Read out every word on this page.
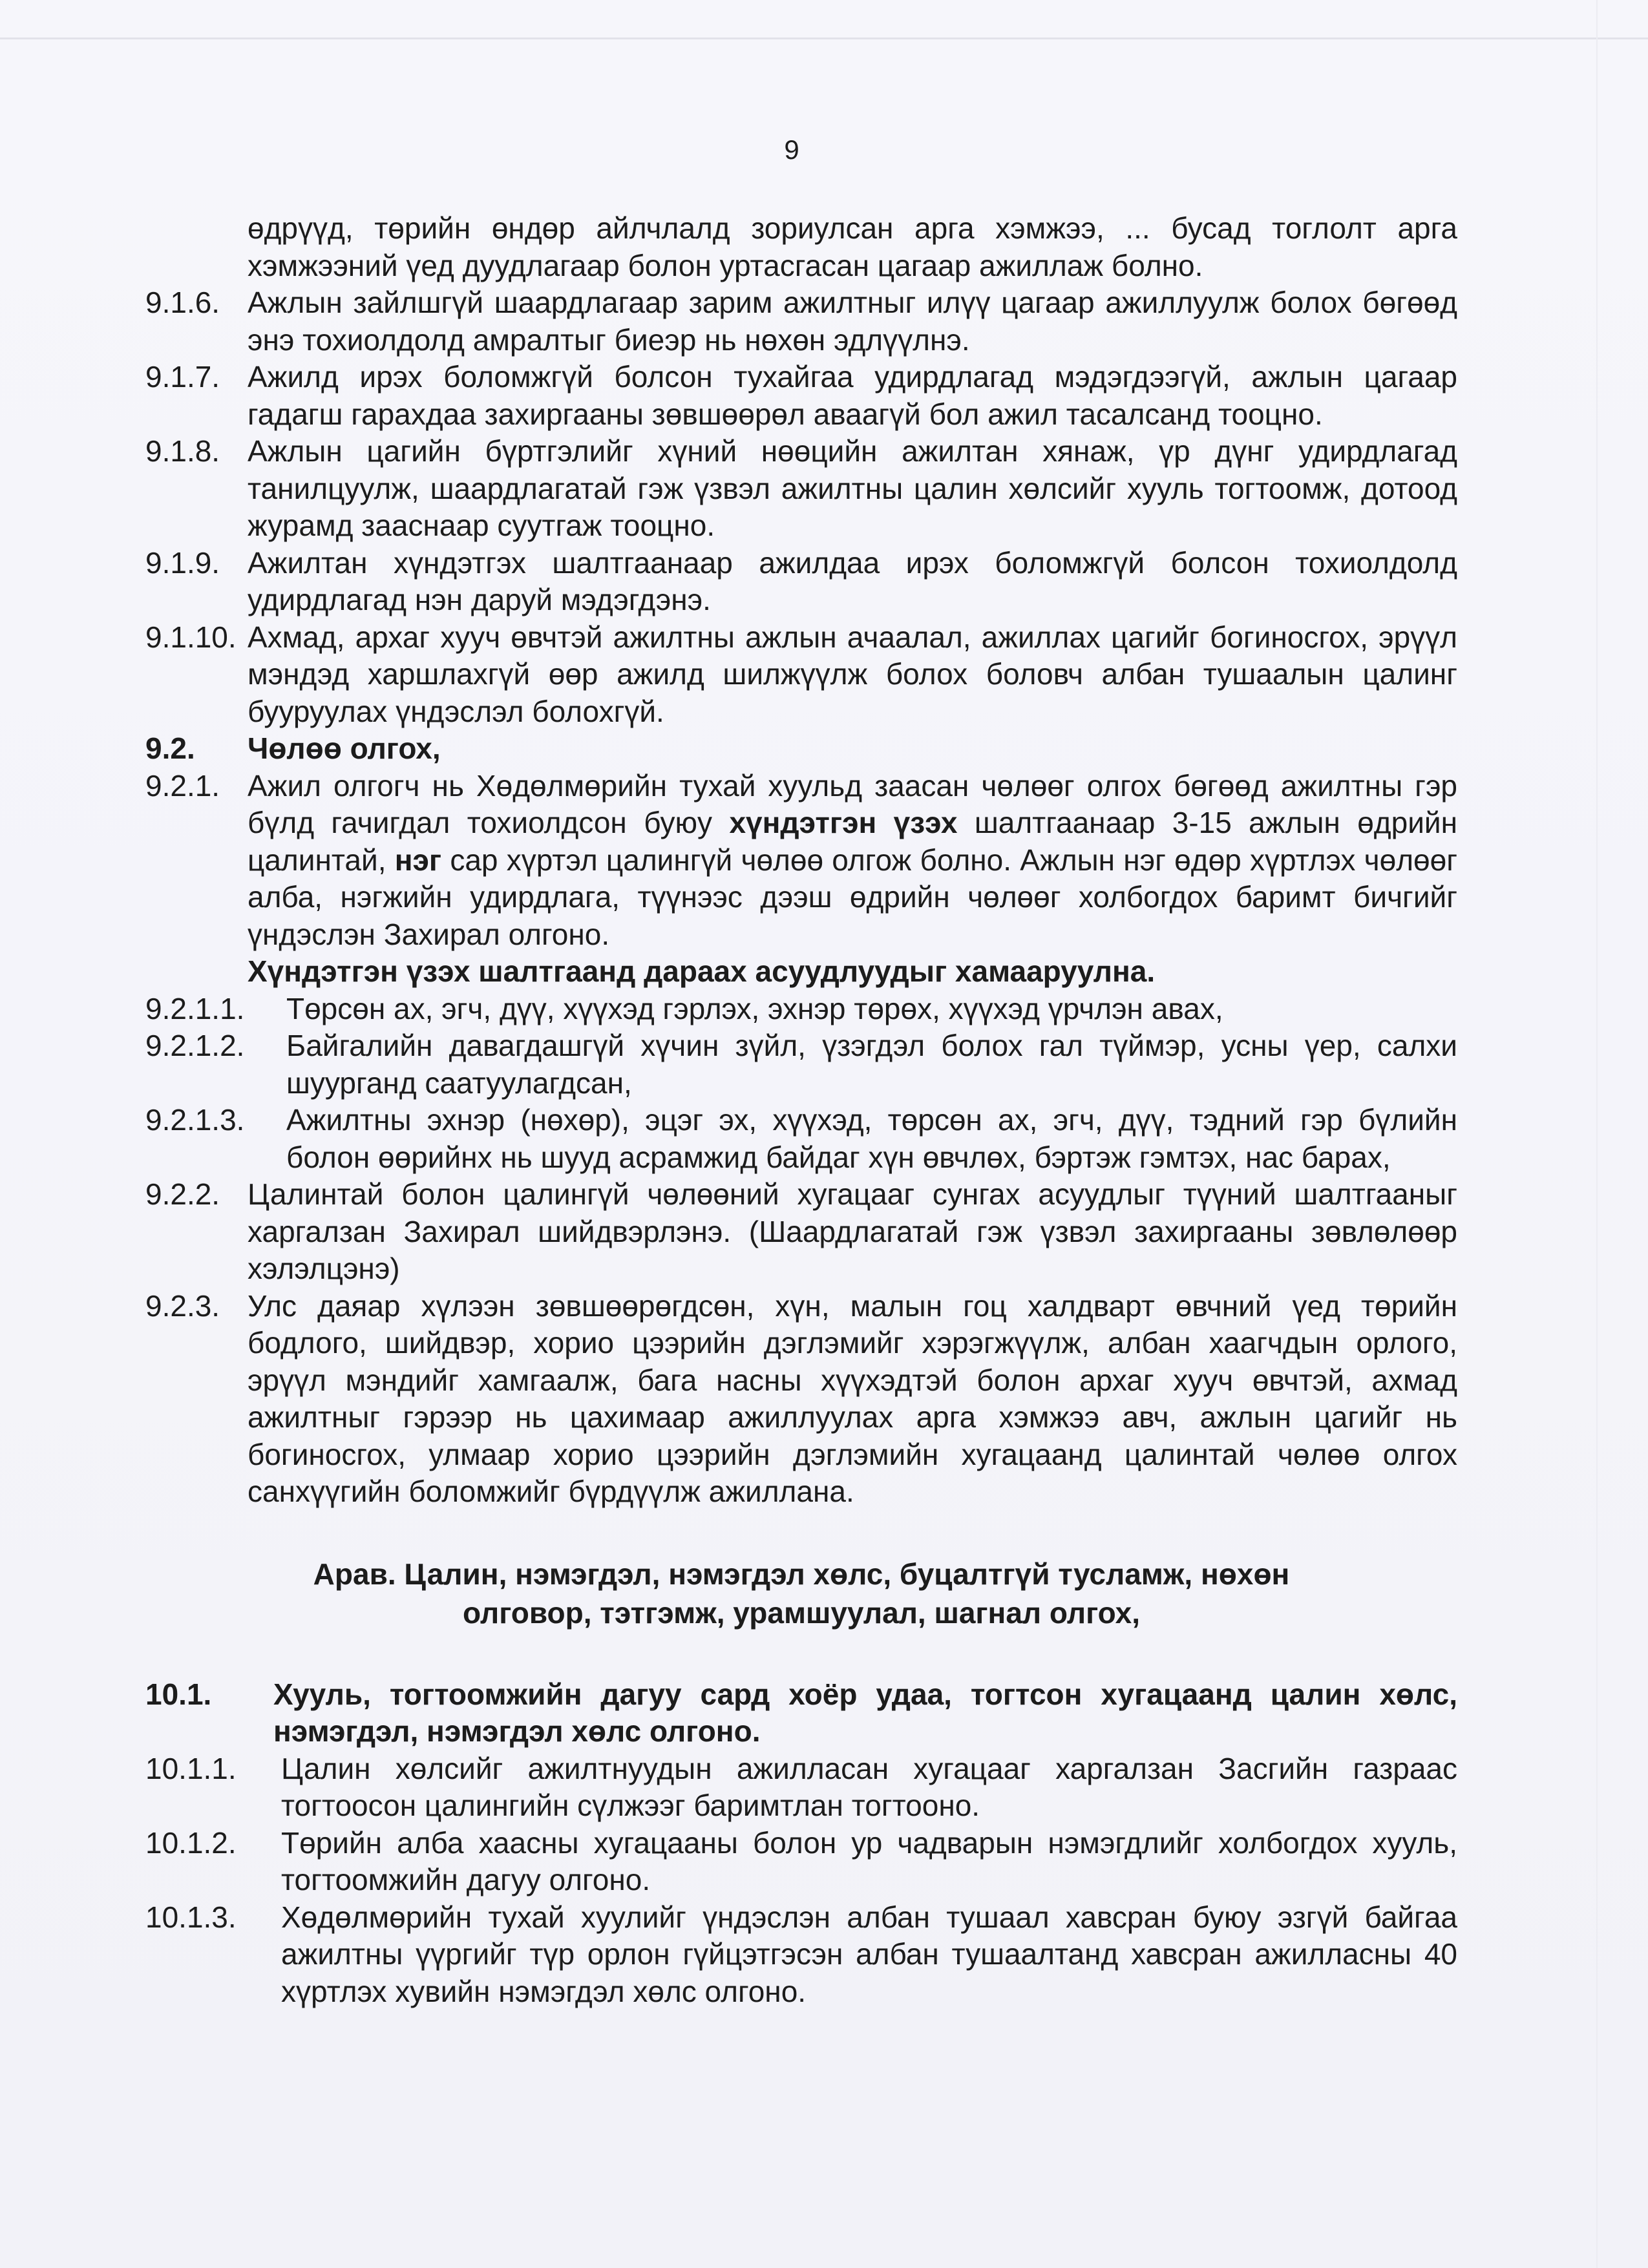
9
өдрүүд, төрийн өндөр айлчлалд зориулсан арга хэмжээ, ... бусад тоглолт арга хэмжээний үед дуудлагаар болон уртасгасан цагаар ажиллаж болно.
9.1.6. Ажлын зайлшгүй шаардлагаар зарим ажилтныг илүү цагаар ажиллуулж болох бөгөөд энэ тохиолдолд амралтыг биеэр нь нөхөн эдлүүлнэ.
9.1.7. Ажилд ирэх боломжгүй болсон тухайгаа удирдлагад мэдэгдээгүй, ажлын цагаар гадагш гарахдаа захиргааны зөвшөөрөл аваагүй бол ажил тасалсанд тооцно.
9.1.8. Ажлын цагийн бүртгэлийг хүний нөөцийн ажилтан хянаж, үр дүнг удирдлагад танилцуулж, шаардлагатай гэж үзвэл ажилтны цалин хөлсийг хууль тогтоомж, дотоод журамд зааснаар суутгаж тооцно.
9.1.9. Ажилтан хүндэтгэх шалтгаанаар ажилдаа ирэх боломжгүй болсон тохиолдолд удирдлагад нэн даруй мэдэгдэнэ.
9.1.10. Ахмад, архаг хууч өвчтэй ажилтны ажлын ачаалал, ажиллах цагийг богиносгох, эрүүл мэндэд харшлахгүй өөр ажилд шилжүүлж болох боловч албан тушаалын цалинг бууруулах үндэслэл болохгүй.
9.2.	Чөлөө олгох,
9.2.1. Ажил олгогч нь Хөдөлмөрийн тухай хуульд заасан чөлөөг олгох бөгөөд ажилтны гэр бүлд гачигдал тохиолдсон буюу хүндэтгэн үзэх шалтгаанаар 3-15 ажлын өдрийн цалинтай, нэг сар хүртэл цалингүй чөлөө олгож болно. Ажлын нэг өдөр хүртлэх чөлөөг алба, нэгжийн удирдлага, түүнээс дээш өдрийн чөлөөг холбогдох баримт бичгийг үндэслэн Захирал олгоно.
Хүндэтгэн үзэх шалтгаанд дараах асуудлуудыг хамааруулна.
9.2.1.1.	Төрсөн ах, эгч, дүү, хүүхэд гэрлэх, эхнэр төрөх, хүүхэд үрчлэн авах,
9.2.1.2.	Байгалийн давагдашгүй хүчин зүйл, үзэгдэл болох гал түймэр, усны үер, салхи шуурганд саатуулагдсан,
9.2.1.3.	Ажилтны эхнэр (нөхөр), эцэг эх, хүүхэд, төрсөн ах, эгч, дүү, тэдний гэр бүлийн болон өөрийнх нь шууд асрамжид байдаг хүн өвчлөх, бэртэж гэмтэх, нас барах,
9.2.2. Цалинтай болон цалингүй чөлөөний хугацааг сунгах асуудлыг түүний шалтгааныг харгалзан Захирал шийдвэрлэнэ. (Шаардлагатай гэж үзвэл захиргааны зөвлөлөөр хэлэлцэнэ)
9.2.3. Улс даяар хүлээн зөвшөөрөгдсөн, хүн, малын гоц халдварт өвчний үед төрийн бодлого, шийдвэр, хорио цээрийн дэглэмийг хэрэгжүүлж, албан хаагчдын орлого, эрүүл мэндийг хамгаалж, бага насны хүүхэдтэй болон архаг хууч өвчтэй, ахмад ажилтныг гэрээр нь цахимаар ажиллуулах арга хэмжээ авч, ажлын цагийг нь богиносгох, улмаар хорио цээрийн дэглэмийн хугацаанд цалинтай чөлөө олгох санхүүгийн боломжийг бүрдүүлж ажиллана.
Арав. Цалин, нэмэгдэл, нэмэгдэл хөлс, буцалтгүй тусламж, нөхөн олговор, тэтгэмж, урамшуулал, шагнал олгох,
10.1.	Хууль, тогтоомжийн дагуу сард хоёр удаа, тогтсон хугацаанд цалин хөлс, нэмэгдэл, нэмэгдэл хөлс олгоно.
10.1.1.	Цалин хөлсийг ажилтнуудын ажилласан хугацааг харгалзан Засгийн газраас тогтоосон цалингийн сүлжээг баримтлан тогтооно.
10.1.2.	Төрийн алба хаасны хугацааны болон ур чадварын нэмэгдлийг холбогдох хууль, тогтоомжийн дагуу олгоно.
10.1.3.	Хөдөлмөрийн тухай хуулийг үндэслэн албан тушаал хавсран буюу эзгүй байгаа ажилтны үүргийг түр орлон гүйцэтгэсэн албан тушаалтанд хавсран ажилласны 40 хүртлэх хувийн нэмэгдэл хөлс олгоно.
